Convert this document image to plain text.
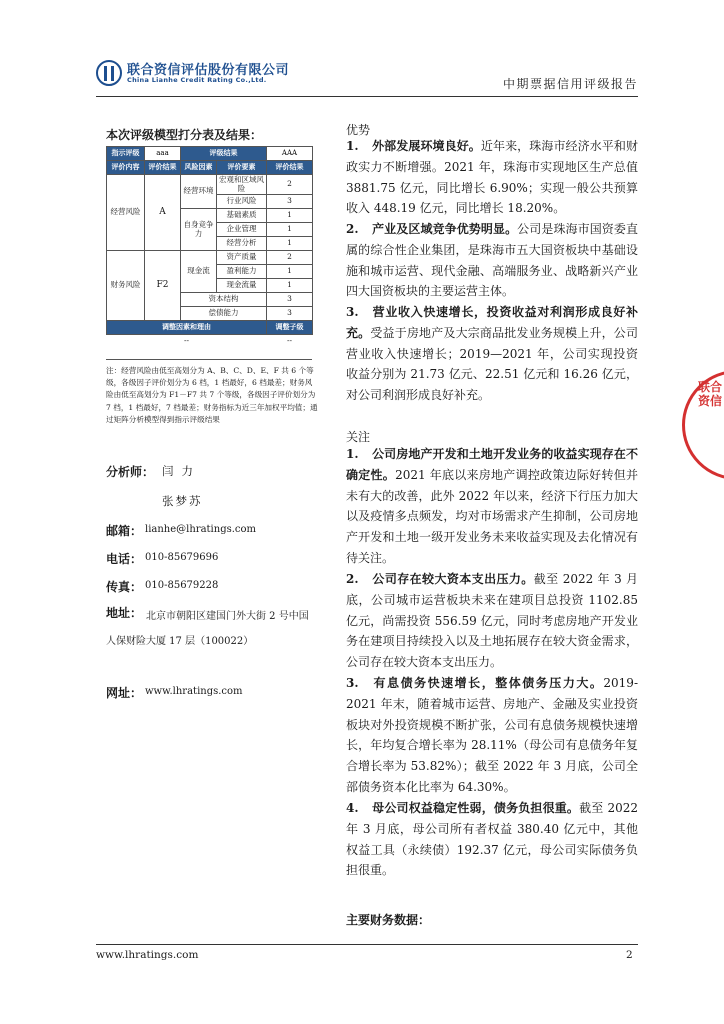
联合资信评估股份有限公司
China Lianhe Credit Rating Co.,Ltd.	中期票据信用评级报告
本次评级模型打分表及结果：
指示评级	aaa	评级结果		AAA
评价内容	评价结果	风险因素	评价要素	评价结果
经营风险	A	经营环境	宏观和区域风险	2
			行业风险	3
		自身竞争力	基础素质	1
			企业管理	1
			经营分析	1
财务风险	F2	现金流	资产质量	2
			盈利能力	1
			现金流量	1
		资本结构		3
		偿债能力		3
调整因素和理由				调整子级
--				--
注：经营风险由低至高划分为 A、B、C、D、E、F 共 6 个等级，各级因子评价划分为 6 档，1 档最好，6 档最差；财务风险由低至高划分为 F1－F7 共 7 个等级，各级因子评价划分为 7 档，1 档最好，7 档最差；财务指标为近三年加权平均值；通过矩阵分析模型得到指示评级结果
分析师： 闫力
张梦苏
邮箱： lianhe@lhratings.com
电话： 010-85679696
传真： 010-85679228
地址： 北京市朝阳区建国门外大街 2 号中国人保财险大厦 17 层（100022）
网址： www.lhratings.com
优势
1. 外部发展环境良好。近年来，珠海市经济水平和财政实力不断增强。2021 年，珠海市实现地区生产总值 3881.75 亿元，同比增长 6.90%；实现一般公共预算收入 448.19 亿元，同比增长 18.20%。
2. 产业及区域竞争优势明显。公司是珠海市国资委直属的综合性企业集团，是珠海市五大国资板块中基础设施和城市运营、现代金融、高端服务业、战略新兴产业四大国资板块的主要运营主体。
3. 营业收入快速增长，投资收益对利润形成良好补充。受益于房地产及大宗商品批发业务规模上升，公司营业收入快速增长；2019—2021 年，公司实现投资收益分别为 21.73 亿元、22.51 亿元和 16.26 亿元，对公司利润形成良好补充。
关注
1. 公司房地产开发和土地开发业务的收益实现存在不确定性。2021 年底以来房地产调控政策边际好转但并未有大的改善，此外 2022 年以来，经济下行压力加大以及疫情多点频发，均对市场需求产生抑制，公司房地产开发和土地一级开发业务未来收益实现及去化情况有待关注。
2. 公司存在较大资本支出压力。截至 2022 年 3 月底，公司城市运营板块未来在建项目总投资 1102.85 亿元，尚需投资 556.59 亿元，同时考虑房地产开发业务在建项目持续投入以及土地拓展存在较大资金需求，公司存在较大资本支出压力。
3. 有息债务快速增长，整体债务压力大。2019-2021 年末，随着城市运营、房地产、金融及实业投资板块对外投资规模不断扩张，公司有息债务规模快速增长，年均复合增长率为 28.11%（母公司有息债务年复合增长率为 53.82%）；截至 2022 年 3 月底，公司全部债务资本化比率为 64.30%。
4. 母公司权益稳定性弱，债务负担很重。截至 2022 年 3 月底，母公司所有者权益 380.40 亿元中，其他权益工具（永续债）192.37 亿元，母公司实际债务负担很重。
主要财务数据：
联合资信
www.lhratings.com	2
